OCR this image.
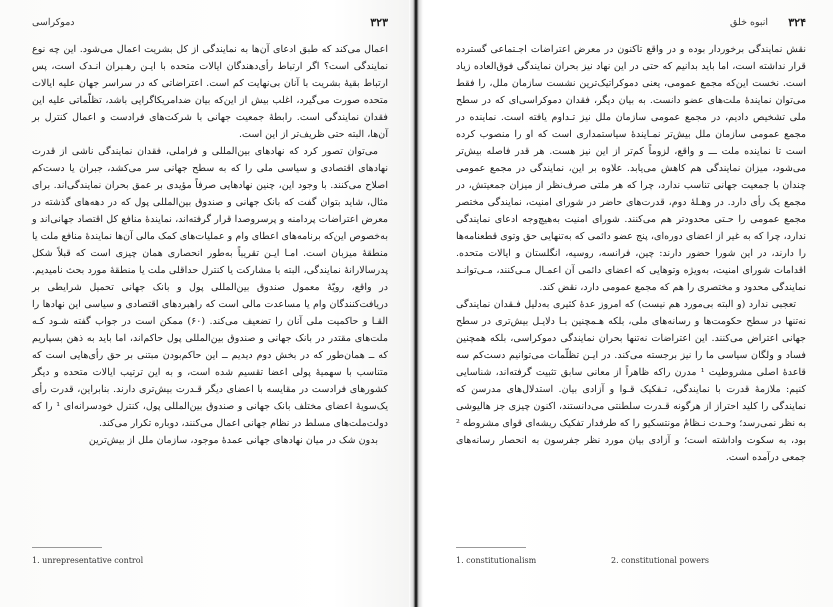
دموکراسی	۳۲۳

اعمال می‌کند که طبق ادعای آن‌ها به نمایندگی از کل بشریت اعمال می‌شود. این چه نوع نمایندگی است؟ اگر ارتباط رأی‌دهندگان ایالات متحده با ایـن رهـبران انـدک است، پس ارتباط بقیهٔ بشریت با آنان بی‌نهایت کم است. اعتراضاتی که در سراسر جهان علیه ایالات متحده صورت می‌گیرد، اغلب بیش از این‌که بیان ضدامریکاگرایی باشد، تظلّماتی علیه این فقدان نمایندگی است. رابطهٔ جمعیت جهانی با شرکت‌های فرادست و اعمال کنترل بر آن‌ها، البته حتی ظریف‌تر از این است.

می‌توان تصور کرد که نهادهای بین‌المللی و فراملی، فقدان نمایندگی ناشی از قدرت نهادهای اقتصادی و سیاسی ملی را که به سطح جهانی سر می‌کشد، جبران یا دست‌کم اصلاح می‌کنند. با وجود این، چنین نهادهایی صرفاً مؤیدی بر عمق بحران نمایندگی‌اند. برای مثال، شاید بتوان گفت که بانک جهانی و صندوق بین‌المللی پول که در دهه‌های گذشته در معرض اعتراضات پردامنه و پرسروصدا قرار گرفته‌اند، نمایندهٔ منافع کل اقتصاد جهانی‌اند و به‌خصوص این‌که برنامه‌های اعطای وام و عملیات‌های کمک مالی آن‌ها نمایندهٔ منافع ملت یا منطقهٔ میزبان است. امـا ایـن تقریباً به‌طور انحصاری همان چیزی است که قبلاً شکل پدرسالارانهٔ نمایندگی، البته با مشارکت یا کنترل حداقلی ملت یا منطقهٔ مورد بحث نامیدیم. در واقع، رویّهٔ معمول صندوق بین‌المللی پول و بانک جهانی تحمیل شرایطی بر دریافت‌کنندگان وام یا مساعدت مالی است که راهبردهای اقتصادی و سیاسی این نهادها را القـا و حاکمیت ملی آنان را تضعیف می‌کند. (۶۰) ممکن است در جواب گفته شـود کـه ملت‌های مقتدر در بانک جهانی و صندوق بین‌المللی پول حاکم‌اند، اما باید به ذهن بسپاریم که ــ همان‌طور که در بخش دوم دیدیم ــ این حاکم‌بودن مبتنی بر حق رأی‌هایی است که متناسب با سهمیهٔ پولی اعضا تقسیم شده است، و به این ترتیب ایالات متحده و دیگر کشورهای فرادست در مقایسه با اعضای دیگر قـدرت بیش‌تری دارند. بنابراین، قدرت رأی یک‌سویهٔ اعضای مختلف بانک جهانی و صندوق بین‌المللی پول، کنترل خودسرانه‌ای ¹ را که دولت‌ملت‌های مسلط در نظام جهانی اعمال می‌کنند، دوباره تکرار می‌کند.

بدون شک در میان نهادهای جهانی عمدهٔ موجود، سازمان ملل از بیش‌ترین

1. unrepresentative control
انبوه خلق ۳۲۴

نقش نمایندگی برخوردار بوده و در واقع تاکنون در معرض اعتراضات اجـتماعی گسترده قرار نداشته است، اما باید بدانیم که حتی در این نهاد نیز بحران نمایندگی فوق‌العاده زیاد است. نخست این‌که مجمع عمومی، یعنی دموکراتیک‌ترین نشست سازمان ملل، را فقط می‌توان نمایندهٔ ملت‌های عضو دانست. به بیان دیگر، فقدان دموکراسی‌ای که در سطح ملی تشخیص دادیم، در مجمع عمومی سازمان ملل نیز تـداوم یافته است. نماینده در مجمع عمومی سازمان ملل بیش‌تر نمـایندهٔ سیاستمداری است که او را منصوب کرده است تا نماینده ملت ـــ و واقع، لزوماً کم‌تر از این نیز هست. هر قدر فاصله بیش‌تر می‌شود، میزان نمایندگی هم کاهش می‌یابد. علاوه بر این، نمایندگی در مجمع عمومی چندان با جمعیت جهانی تناسب ندارد، چرا که هر ملتی صرف‌نظر از میزان جمعیتش، در مجمع یک رأی دارد. در وهـلهٔ دوم، قدرت‌های حاضر در شورای امنیت، نمایندگی مختصر مجمع عمومی را حـتی محدودتر هم می‌کنند. شورای امنیت به‌هیچ‌وجه ادعای نمایندگی ندارد، چرا که به غیر از اعضای دوره‌ای، پنج عضو دائمی که به‌تنهایی حق وتوی قطعنامه‌ها را دارند، در این شورا حضور دارند: چین، فرانسه، روسیه، انگلستان و ایالات متحده. اقدامات شورای امنیت، به‌ویژه وتوهایی که اعضای دائمی آن اعمـال مـی‌کنند، مـی‌توانـد نمایندگی محدود و مختصری را هم که مجمع عمومی دارد، نقض کند.

تعجبی ندارد (و البته بی‌مورد هم نیست) که امروز عدهٔ کثیری به‌دلیل فـقدان نمایندگی نه‌تنها در سطح حکومت‌ها و رسانه‌های ملی، بلکه هـمچنین بـا دلایـل بیش‌تری در سطح جهانی اعتراض می‌کنند. این اعتراضات نه‌تنها بحران نمایندگی دموکراسی، بلکه همچنین فساد و ولگان سیاسی ما را نیز برجسته می‌کند. در ایـن تظلّمات می‌توانیم دست‌کم سه قاعدهٔ اصلی مشروطیت ¹ مدرن راکه ظاهراً از معانی سابق تثبیت گرفته‌اند، شناسایی کنیم: ملازمهٔ قدرت با نمایندگی، تـفکیک قـوا و آزادی بیان. استدلال‌های مدرسن که نمایندگی را کلید احتراز از هرگونه قـدرت سلطنتی می‌دانستند، اکنون چیزی جز هالیوشی به نظر نمی‌رسد؛ وحـدت نـظامٔ مونتسکیو را که طرفدار تفکیک ریشه‌ای قوای مشروطه ² بود، به سکوت واداشته است؛ و آزادی بیان مورد نظر جفرسون به انحصار رسانه‌های جمعی درآمده است.

1. constitutionalism	2. constitutional powers
